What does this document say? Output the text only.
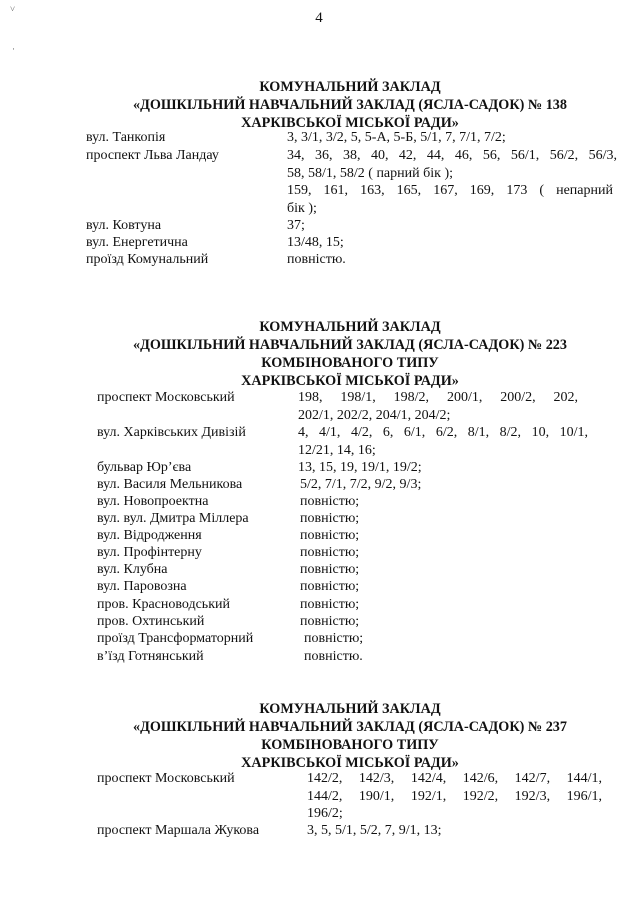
4
˅
·
КОМУНАЛЬНИЙ ЗАКЛАД
«ДОШКІЛЬНИЙ НАВЧАЛЬНИЙ ЗАКЛАД (ЯСЛА-САДОК) № 138
ХАРКІВСЬКОЇ МІСЬКОЇ РАДИ»
вул. Танкопія	3, 3/1, 3/2, 5, 5-А, 5-Б, 5/1, 7, 7/1, 7/2;
проспект Льва Ландау	34, 36, 38, 40, 42, 44, 46, 56, 56/1, 56/2, 56/3,
58, 58/1, 58/2 ( парний бік );
159, 161, 163, 165, 167, 169, 173 ( непарний
бік );
вул. Ковтуна	37;
вул. Енергетична	13/48, 15;
проїзд Комунальний	повністю.
КОМУНАЛЬНИЙ ЗАКЛАД
«ДОШКІЛЬНИЙ НАВЧАЛЬНИЙ ЗАКЛАД (ЯСЛА-САДОК) № 223
КОМБІНОВАНОГО ТИПУ
ХАРКІВСЬКОЇ МІСЬКОЇ РАДИ»
проспект Московський	198, 198/1, 198/2, 200/1, 200/2, 202,
202/1, 202/2, 204/1, 204/2;
вул. Харківських Дивізій	4, 4/1, 4/2, 6, 6/1, 6/2, 8/1, 8/2, 10, 10/1,
12/21, 14, 16;
бульвар Юр’єва	13, 15, 19, 19/1, 19/2;
вул. Василя Мельникова	5/2, 7/1, 7/2, 9/2, 9/3;
вул. Новопроектна	повністю;
вул. вул. Дмитра Міллера	повністю;
вул. Відродження	повністю;
вул. Профінтерну	повністю;
вул. Клубна	повністю;
вул. Паровозна	повністю;
пров. Красноводський	повністю;
пров. Охтинський	повністю;
проїзд Трансформаторний	повністю;
в’їзд Готнянський	повністю.
КОМУНАЛЬНИЙ ЗАКЛАД
«ДОШКІЛЬНИЙ НАВЧАЛЬНИЙ ЗАКЛАД (ЯСЛА-САДОК) № 237
КОМБІНОВАНОГО ТИПУ
ХАРКІВСЬКОЇ МІСЬКОЇ РАДИ»
проспект Московський	142/2, 142/3, 142/4, 142/6, 142/7, 144/1,
144/2, 190/1, 192/1, 192/2, 192/3, 196/1,
196/2;
проспект Маршала Жукова	3, 5, 5/1, 5/2, 7, 9/1, 13;
